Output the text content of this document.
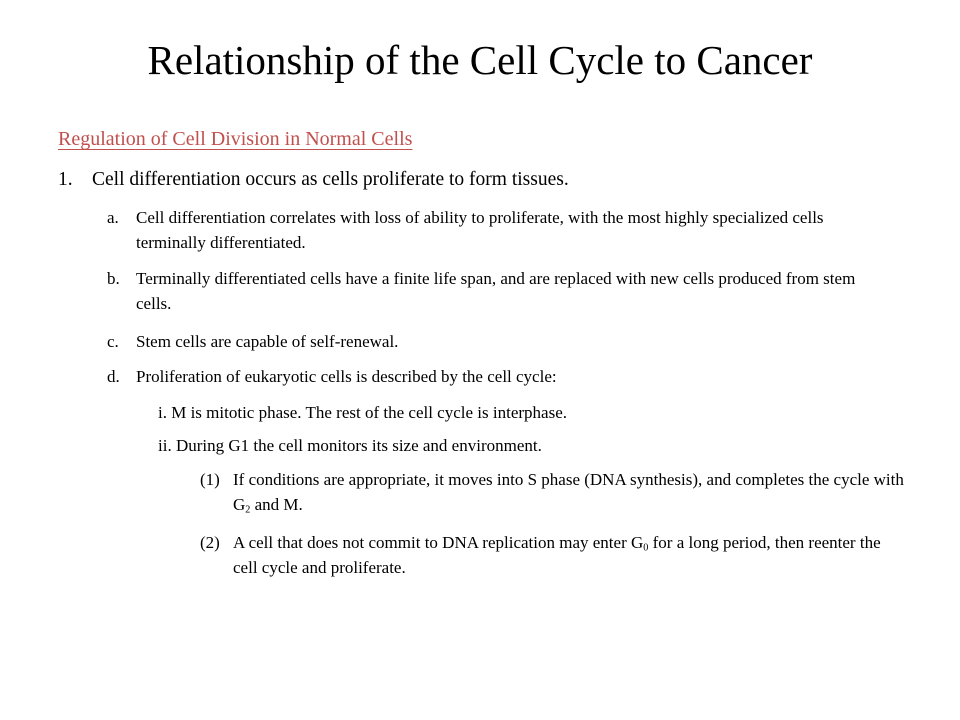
Relationship of the Cell Cycle to Cancer
Regulation of Cell Division in Normal Cells
1. Cell differentiation occurs as cells proliferate to form tissues.
a. Cell differentiation correlates with loss of ability to proliferate, with the most highly specialized cells terminally differentiated.
b. Terminally differentiated cells have a finite life span, and are replaced with new cells produced from stem cells.
c. Stem cells are capable of self-renewal.
d. Proliferation of eukaryotic cells is described by the cell cycle:
i. M is mitotic phase. The rest of the cell cycle is interphase.
ii. During G1 the cell monitors its size and environment.
(1) If conditions are appropriate, it moves into S phase (DNA synthesis), and completes the cycle with $G_2$ and M.
(2) A cell that does not commit to DNA replication may enter $G_0$ for a long period, then reenter the cell cycle and proliferate.
